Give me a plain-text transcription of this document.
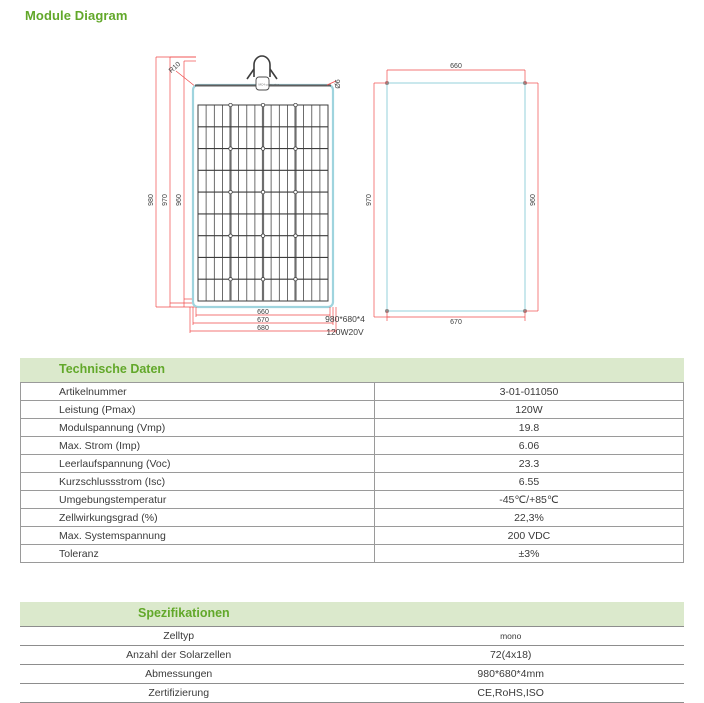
Module Diagram
980 970 960
R10
Ø6
MC4 connector
660
670
680
980*680*4
120W20V
660
970	960
670
Technische Daten
Artikelnummer	3-01-011050
Leistung (Pmax)	120W
Modulspannung (Vmp)	19.8
Max. Strom (Imp)	6.06
Leerlaufspannung (Voc)	23.3
Kurzschlussstrom (Isc)	6.55
Umgebungstemperatur	-45℃/+85℃
Zellwirkungsgrad (%)	22,3%
Max. Systemspannung	200 VDC
Toleranz	±3%
Spezifikationen
Zelltyp	mono
Anzahl der Solarzellen	72(4x18)
Abmessungen	980*680*4mm
Zertifizierung	CE,RoHS,ISO
